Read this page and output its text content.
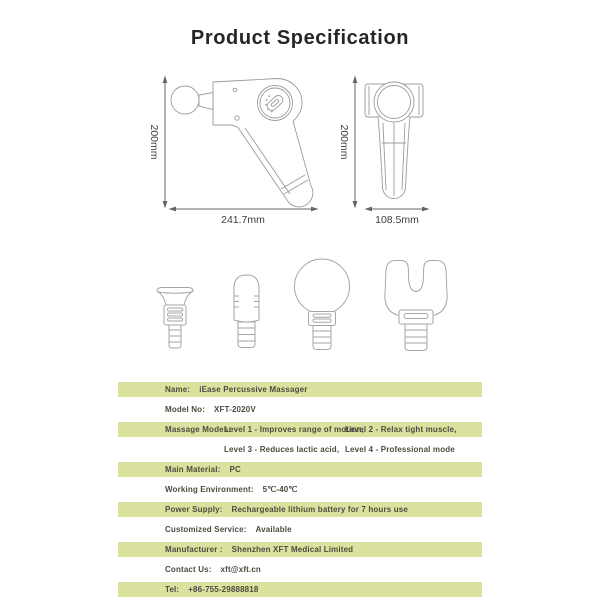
Product Specification
200mm
241.7mm
200mm
108.5mm
Name: iEase Percussive Massager
Model No: XFT-2020V
Massage Modes:
Level 1 - Improves range of motion,
Level 2 - Relax tight muscle,
Level 3 - Reduces lactic acid, Level 4 - Professional mode
Main Material: PC
Working Environment: 5℃-40℃
Power Supply: Rechargeable lithium battery for 7 hours use
Customized Service: Available
Manufacturer : Shenzhen XFT Medical Limited
Contact Us: xft@xft.cn
Tel: +86-755-29888818
